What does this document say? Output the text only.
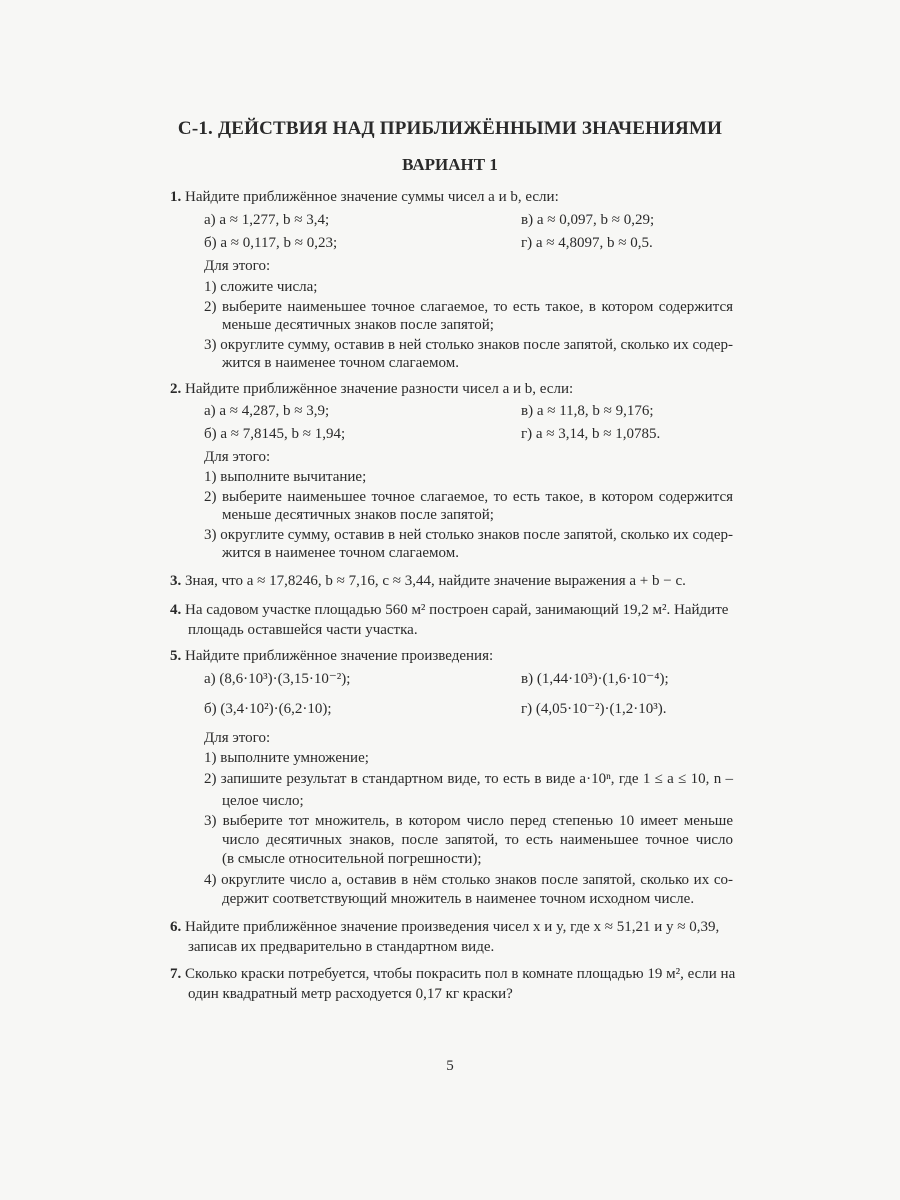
С-1. ДЕЙСТВИЯ НАД ПРИБЛИЖЁННЫМИ ЗНАЧЕНИЯМИ
ВАРИАНТ 1
1. Найдите приближённое значение суммы чисел a и b, если:
а) a ≈ 1,277, b ≈ 3,4;	в) a ≈ 0,097, b ≈ 0,29;
б) a ≈ 0,117, b ≈ 0,23;	г) a ≈ 4,8097, b ≈ 0,5.
Для этого:
1) сложите числа;
2) выберите наименьшее точное слагаемое, то есть такое, в котором содержится
меньше десятичных знаков после запятой;
3) округлите сумму, оставив в ней столько знаков после запятой, сколько их содер-
жится в наименее точном слагаемом.
2. Найдите приближённое значение разности чисел a и b, если:
а) a ≈ 4,287, b ≈ 3,9;	в) a ≈ 11,8, b ≈ 9,176;
б) a ≈ 7,8145, b ≈ 1,94;	г) a ≈ 3,14, b ≈ 1,0785.
Для этого:
1) выполните вычитание;
2) выберите наименьшее точное слагаемое, то есть такое, в котором содержится
меньше десятичных знаков после запятой;
3) округлите сумму, оставив в ней столько знаков после запятой, сколько их содер-
жится в наименее точном слагаемом.
3. Зная, что a ≈ 17,8246, b ≈ 7,16, c ≈ 3,44, найдите значение выражения a + b − c.
4. На садовом участке площадью 560 м² построен сарай, занимающий 19,2 м². Найдите
площадь оставшейся части участка.
5. Найдите приближённое значение произведения:
а) (8,6·10³)·(3,15·10⁻²);	в) (1,44·10³)·(1,6·10⁻⁴);
б) (3,4·10²)·(6,2·10);	г) (4,05·10⁻²)·(1,2·10³).
Для этого:
1) выполните умножение;
2) запишите результат в стандартном виде, то есть в виде a·10ⁿ, где 1 ≤ a ≤ 10, n –
целое число;
3) выберите тот множитель, в котором число перед степенью 10 имеет меньше
число десятичных знаков, после запятой, то есть наименьшее точное число
(в смысле относительной погрешности);
4) округлите число a, оставив в нём столько знаков после запятой, сколько их со-
держит соответствующий множитель в наименее точном исходном числе.
6. Найдите приближённое значение произведения чисел x и y, где x ≈ 51,21 и y ≈ 0,39,
записав их предварительно в стандартном виде.
7. Сколько краски потребуется, чтобы покрасить пол в комнате площадью 19 м², если на
один квадратный метр расходуется 0,17 кг краски?
5
